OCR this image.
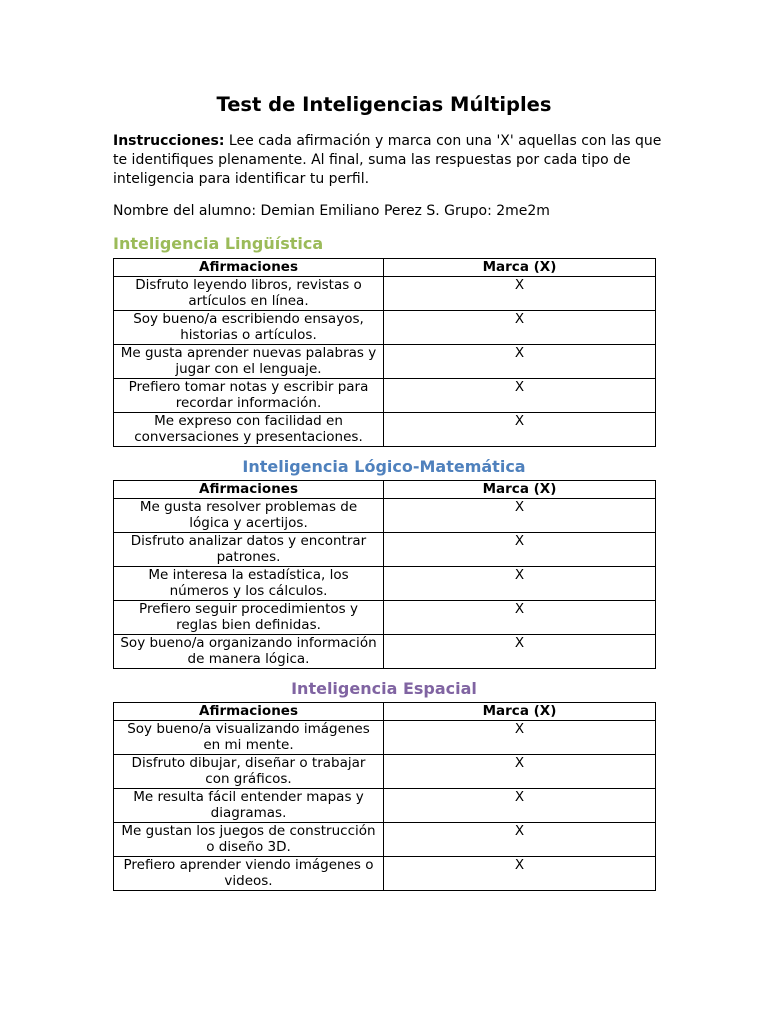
Test de Inteligencias Múltiples

Instrucciones: Lee cada afirmación y marca con una 'X' aquellas con las que te identifiques plenamente. Al final, suma las respuestas por cada tipo de inteligencia para identificar tu perfil.

Nombre del alumno: Demian Emiliano Perez S. Grupo: 2me2m

Inteligencia Lingüística
Afirmaciones	Marca (X)
Disfruto leyendo libros, revistas o artículos en línea.	X
Soy bueno/a escribiendo ensayos, historias o artículos.	X
Me gusta aprender nuevas palabras y jugar con el lenguaje.	X
Prefiero tomar notas y escribir para recordar información.	X
Me expreso con facilidad en conversaciones y presentaciones.	X
Inteligencia Lógico-Matemática
Afirmaciones	Marca (X)
Me gusta resolver problemas de lógica y acertijos.	X
Disfruto analizar datos y encontrar patrones.	X
Me interesa la estadística, los números y los cálculos.	X
Prefiero seguir procedimientos y reglas bien definidas.	X
Soy bueno/a organizando información de manera lógica.	X
Inteligencia Espacial
Afirmaciones	Marca (X)
Soy bueno/a visualizando imágenes en mi mente.	X
Disfruto dibujar, diseñar o trabajar con gráficos.	X
Me resulta fácil entender mapas y diagramas.	X
Me gustan los juegos de construcción o diseño 3D.	X
Prefiero aprender viendo imágenes o videos.	X
